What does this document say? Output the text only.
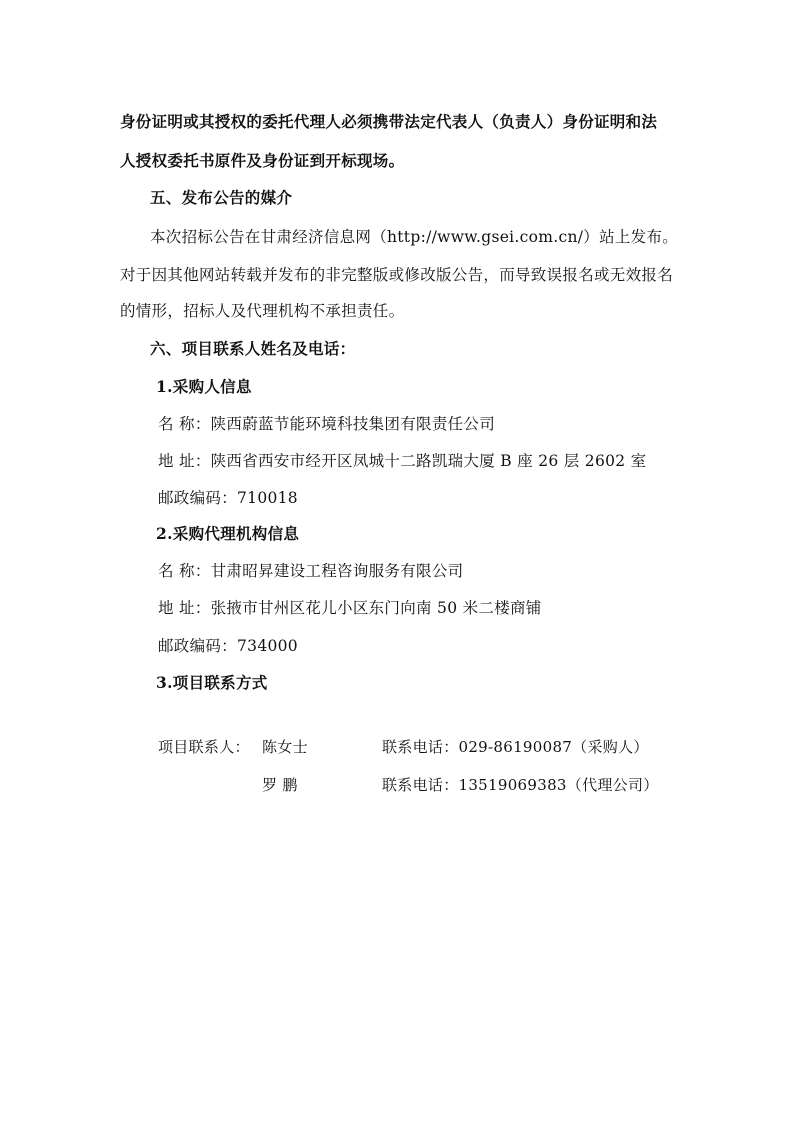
身份证明或其授权的委托代理人必须携带法定代表人（负责人）身份证明和法
人授权委托书原件及身份证到开标现场。
五、发布公告的媒介
本次招标公告在甘肃经济信息网（http://www.gsei.com.cn/）站上发布。
对于因其他网站转载并发布的非完整版或修改版公告，而导致误报名或无效报名
的情形，招标人及代理机构不承担责任。
六、项目联系人姓名及电话：
1.采购人信息
名 称：陕西蔚蓝节能环境科技集团有限责任公司
地 址：陕西省西安市经开区凤城十二路凯瑞大厦 B 座 26 层 2602 室
邮政编码：710018
2.采购代理机构信息
名 称：甘肃昭昇建设工程咨询服务有限公司
地 址：张掖市甘州区花儿小区东门向南 50 米二楼商铺
邮政编码：734000
3.项目联系方式
项目联系人： 陈女士	联系电话：029-86190087（采购人）
罗 鹏	联系电话：13519069383（代理公司）
